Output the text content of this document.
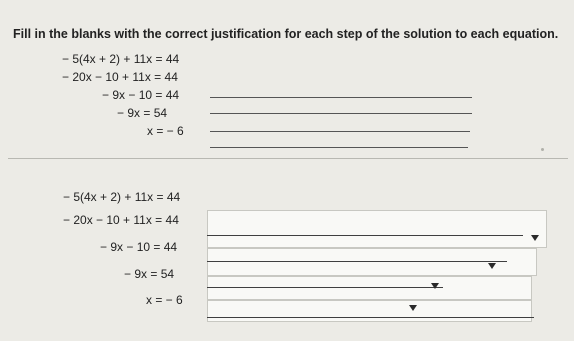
Fill in the blanks with the correct justification for each step of the solution to each equation.
− 5(4x + 2) + 11x = 44
− 20x − 10 + 11x = 44
− 9x − 10 = 44
− 9x = 54
x = − 6
− 5(4x + 2) + 11x = 44
− 20x − 10 + 11x = 44
− 9x − 10 = 44
− 9x = 54
x = − 6
